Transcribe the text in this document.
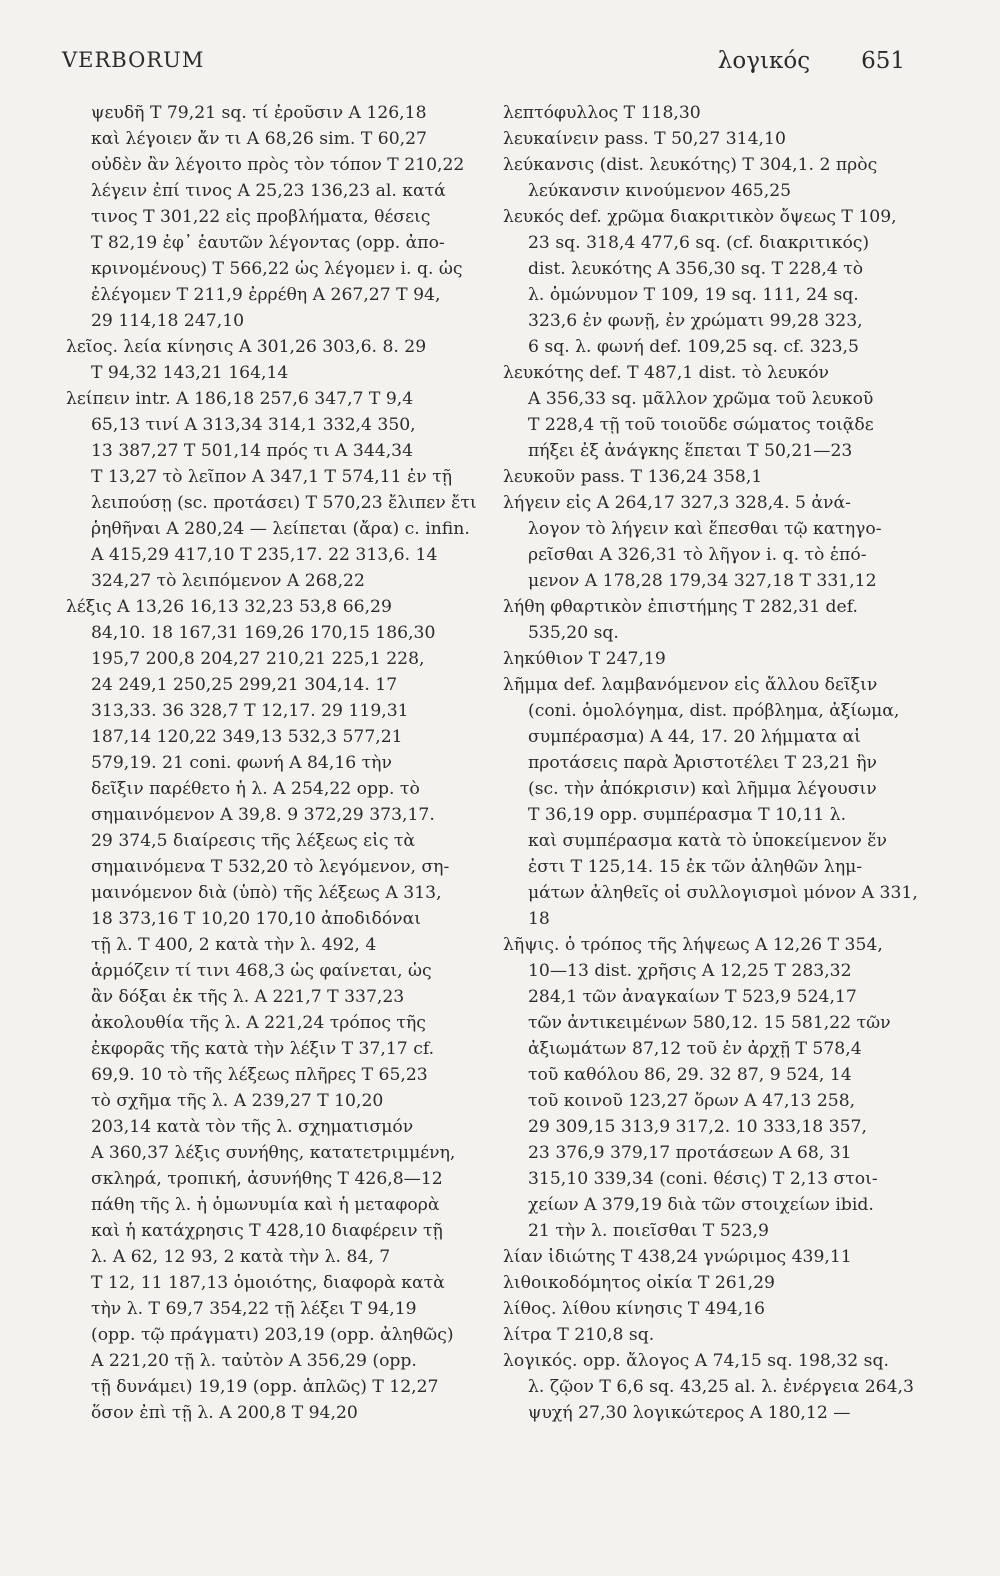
VERBORUM	λογικός 651
ψευδῆ Τ 79,21 sq. τί ἐροῦσιν Α 126,18
καὶ λέγοιεν ἄν τι Α 68,26 sim. Τ 60,27
οὐδὲν ἂν λέγοιτο πρὸς τὸν τόπον Τ 210,22
λέγειν ἐπί τινος Α 25,23 136,23 al. κατά
τινος Τ 301,22 εἰς προβλήματα, θέσεις
Τ 82,19 ἐφ᾿ ἑαυτῶν λέγοντας (opp. ἀπο-
κρινομένους) Τ 566,22 ὡς λέγομεν i. q. ὡς
ἐλέγομεν Τ 211,9 ἐρρέθη Α 267,27 Τ 94,
29 114,18 247,10
λεῖος. λεία κίνησις Α 301,26 303,6. 8. 29
Τ 94,32 143,21 164,14
λείπειν intr. Α 186,18 257,6 347,7 Τ 9,4
65,13 τινί Α 313,34 314,1 332,4 350,
13 387,27 Τ 501,14 πρός τι Α 344,34
Τ 13,27 τὸ λεῖπον Α 347,1 Τ 574,11 ἐν τῇ
λειπούσῃ (sc. προτάσει) Τ 570,23 ἔλιπεν ἔτι
ῥηθῆναι Α 280,24 — λείπεται (ἄρα) c. infin.
Α 415,29 417,10 Τ 235,17. 22 313,6. 14
324,27 τὸ λειπόμενον Α 268,22
λέξις Α 13,26 16,13 32,23 53,8 66,29
84,10. 18 167,31 169,26 170,15 186,30
195,7 200,8 204,27 210,21 225,1 228,
24 249,1 250,25 299,21 304,14. 17
313,33. 36 328,7 Τ 12,17. 29 119,31
187,14 120,22 349,13 532,3 577,21
579,19. 21 coni. φωνή Α 84,16 τὴν
δεῖξιν παρέθετο ἡ λ. Α 254,22 opp. τὸ
σημαινόμενον Α 39,8. 9 372,29 373,17.
29 374,5 διαίρεσις τῆς λέξεως εἰς τὰ
σημαινόμενα Τ 532,20 τὸ λεγόμενον, ση-
μαινόμενον διὰ (ὑπὸ) τῆς λέξεως Α 313,
18 373,16 Τ 10,20 170,10 ἀποδιδόναι
τῇ λ. Τ 400, 2 κατὰ τὴν λ. 492, 4
ἁρμόζειν τί τινι 468,3 ὡς φαίνεται, ὡς
ἂν δόξαι ἐκ τῆς λ. Α 221,7 Τ 337,23
ἀκολουθία τῆς λ. Α 221,24 τρόπος τῆς
ἐκφορᾶς τῆς κατὰ τὴν λέξιν Τ 37,17 cf.
69,9. 10 τὸ τῆς λέξεως πλῆρες Τ 65,23
τὸ σχῆμα τῆς λ. Α 239,27 Τ 10,20
203,14 κατὰ τὸν τῆς λ. σχηματισμόν
Α 360,37 λέξις συνήθης, κατατετριμμένη,
σκληρά, τροπική, ἀσυνήθης Τ 426,8—12
πάθη τῆς λ. ἡ ὁμωνυμία καὶ ἡ μεταφορὰ
καὶ ἡ κατάχρησις Τ 428,10 διαφέρειν τῇ
λ. Α 62, 12 93, 2 κατὰ τὴν λ. 84, 7
Τ 12, 11 187,13 ὁμοιότης, διαφορὰ κατὰ
τὴν λ. Τ 69,7 354,22 τῇ λέξει Τ 94,19
(opp. τῷ πράγματι) 203,19 (opp. ἀληθῶς)
Α 221,20 τῇ λ. ταὐτὸν Α 356,29 (opp.
τῇ δυνάμει) 19,19 (opp. ἁπλῶς) Τ 12,27
ὅσον ἐπὶ τῇ λ. Α 200,8 Τ 94,20
λεπτόφυλλος Τ 118,30
λευκαίνειν pass. Τ 50,27 314,10
λεύκανσις (dist. λευκότης) Τ 304,1. 2 πρὸς
λεύκανσιν κινούμενον 465,25
λευκός def. χρῶμα διακριτικὸν ὄψεως Τ 109,
23 sq. 318,4 477,6 sq. (cf. διακριτικός)
dist. λευκότης Α 356,30 sq. Τ 228,4 τὸ
λ. ὁμώνυμον Τ 109, 19 sq. 111, 24 sq.
323,6 ἐν φωνῇ, ἐν χρώματι 99,28 323,
6 sq. λ. φωνή def. 109,25 sq. cf. 323,5
λευκότης def. Τ 487,1 dist. τὸ λευκόν
Α 356,33 sq. μᾶλλον χρῶμα τοῦ λευκοῦ
Τ 228,4 τῇ τοῦ τοιοῦδε σώματος τοιᾷδε
πήξει ἐξ ἀνάγκης ἕπεται Τ 50,21—23
λευκοῦν pass. Τ 136,24 358,1
λήγειν εἰς Α 264,17 327,3 328,4. 5 ἀνά-
λογον τὸ λήγειν καὶ ἕπεσθαι τῷ κατηγο-
ρεῖσθαι Α 326,31 τὸ λῆγον i. q. τὸ ἑπό-
μενον Α 178,28 179,34 327,18 Τ 331,12
λήθη φθαρτικὸν ἐπιστήμης Τ 282,31 def.
535,20 sq.
ληκύθιον Τ 247,19
λῆμμα def. λαμβανόμενον εἰς ἄλλου δεῖξιν
(coni. ὁμολόγημα, dist. πρόβλημα, ἀξίωμα,
συμπέρασμα) Α 44, 17. 20 λήμματα αἱ
προτάσεις παρὰ Ἀριστοτέλει Τ 23,21 ἣν
(sc. τὴν ἀπόκρισιν) καὶ λῆμμα λέγουσιν
Τ 36,19 opp. συμπέρασμα Τ 10,11 λ.
καὶ συμπέρασμα κατὰ τὸ ὑποκείμενον ἕν
ἐστι Τ 125,14. 15 ἐκ τῶν ἀληθῶν λημ-
μάτων ἀληθεῖς οἱ συλλογισμοὶ μόνον Α 331,
18
λῆψις. ὁ τρόπος τῆς λήψεως Α 12,26 Τ 354,
10—13 dist. χρῆσις Α 12,25 Τ 283,32
284,1 τῶν ἀναγκαίων Τ 523,9 524,17
τῶν ἀντικειμένων 580,12. 15 581,22 τῶν
ἀξιωμάτων 87,12 τοῦ ἐν ἀρχῇ Τ 578,4
τοῦ καθόλου 86, 29. 32 87, 9 524, 14
τοῦ κοινοῦ 123,27 ὅρων Α 47,13 258,
29 309,15 313,9 317,2. 10 333,18 357,
23 376,9 379,17 προτάσεων Α 68, 31
315,10 339,34 (coni. θέσις) Τ 2,13 στοι-
χείων Α 379,19 διὰ τῶν στοιχείων ibid.
21 τὴν λ. ποιεῖσθαι Τ 523,9
λίαν ἰδιώτης Τ 438,24 γνώριμος 439,11
λιθοικοδόμητος οἰκία Τ 261,29
λίθος. λίθου κίνησις Τ 494,16
λίτρα Τ 210,8 sq.
λογικός. opp. ἄλογος Α 74,15 sq. 198,32 sq.
λ. ζῷον Τ 6,6 sq. 43,25 al. λ. ἐνέργεια 264,3
ψυχή 27,30 λογικώτερος Α 180,12 —
